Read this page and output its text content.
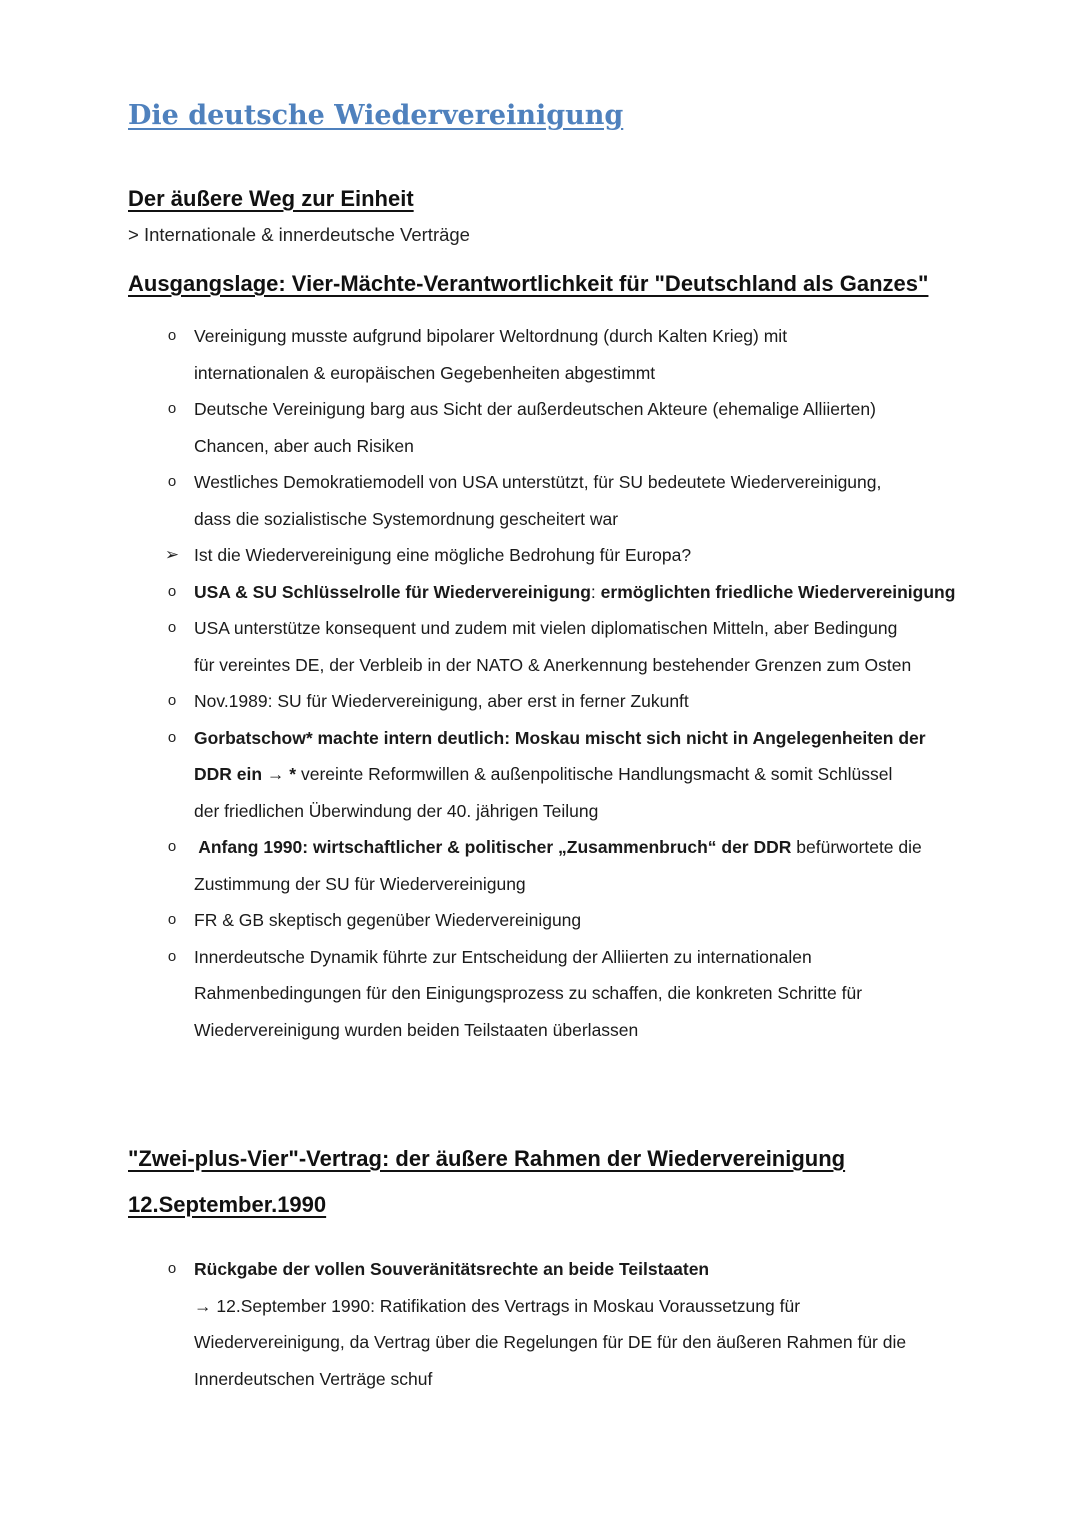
Die deutsche Wiedervereinigung
Der äußere Weg zur Einheit
> Internationale & innerdeutsche Verträge
Ausgangslage: Vier-Mächte-Verantwortlichkeit für "Deutschland als Ganzes"
o	Vereinigung musste aufgrund bipolarer Weltordnung (durch Kalten Krieg) mit
internationalen & europäischen Gegebenheiten abgestimmt
o	Deutsche Vereinigung barg aus Sicht der außerdeutschen Akteure (ehemalige Alliierten)
Chancen, aber auch Risiken
o	Westliches Demokratiemodell von USA unterstützt, für SU bedeutete Wiedervereinigung,
dass die sozialistische Systemordnung gescheitert war
➢ Ist die Wiedervereinigung eine mögliche Bedrohung für Europa?
o	USA & SU Schlüsselrolle für Wiedervereinigung: ermöglichten friedliche Wiedervereinigung
o	USA unterstütze konsequent und zudem mit vielen diplomatischen Mitteln, aber Bedingung
für vereintes DE, der Verbleib in der NATO & Anerkennung bestehender Grenzen zum Osten
o	Nov.1989: SU für Wiedervereinigung, aber erst in ferner Zukunft
o	Gorbatschow* machte intern deutlich: Moskau mischt sich nicht in Angelegenheiten der
DDR ein → * vereinte Reformwillen & außenpolitische Handlungsmacht & somit Schlüssel
der friedlichen Überwindung der 40. jährigen Teilung
o	Anfang 1990: wirtschaftlicher & politischer „Zusammenbruch“ der DDR befürwortete die
Zustimmung der SU für Wiedervereinigung
o	FR & GB skeptisch gegenüber Wiedervereinigung
o	Innerdeutsche Dynamik führte zur Entscheidung der Alliierten zu internationalen
Rahmenbedingungen für den Einigungsprozess zu schaffen, die konkreten Schritte für
Wiedervereinigung wurden beiden Teilstaaten überlassen
"Zwei-plus-Vier"-Vertrag: der äußere Rahmen der Wiedervereinigung
12.September.1990
o	Rückgabe der vollen Souveränitätsrechte an beide Teilstaaten
→ 12.September 1990: Ratifikation des Vertrags in Moskau Voraussetzung für
Wiedervereinigung, da Vertrag über die Regelungen für DE für den äußeren Rahmen für die
Innerdeutschen Verträge schuf
